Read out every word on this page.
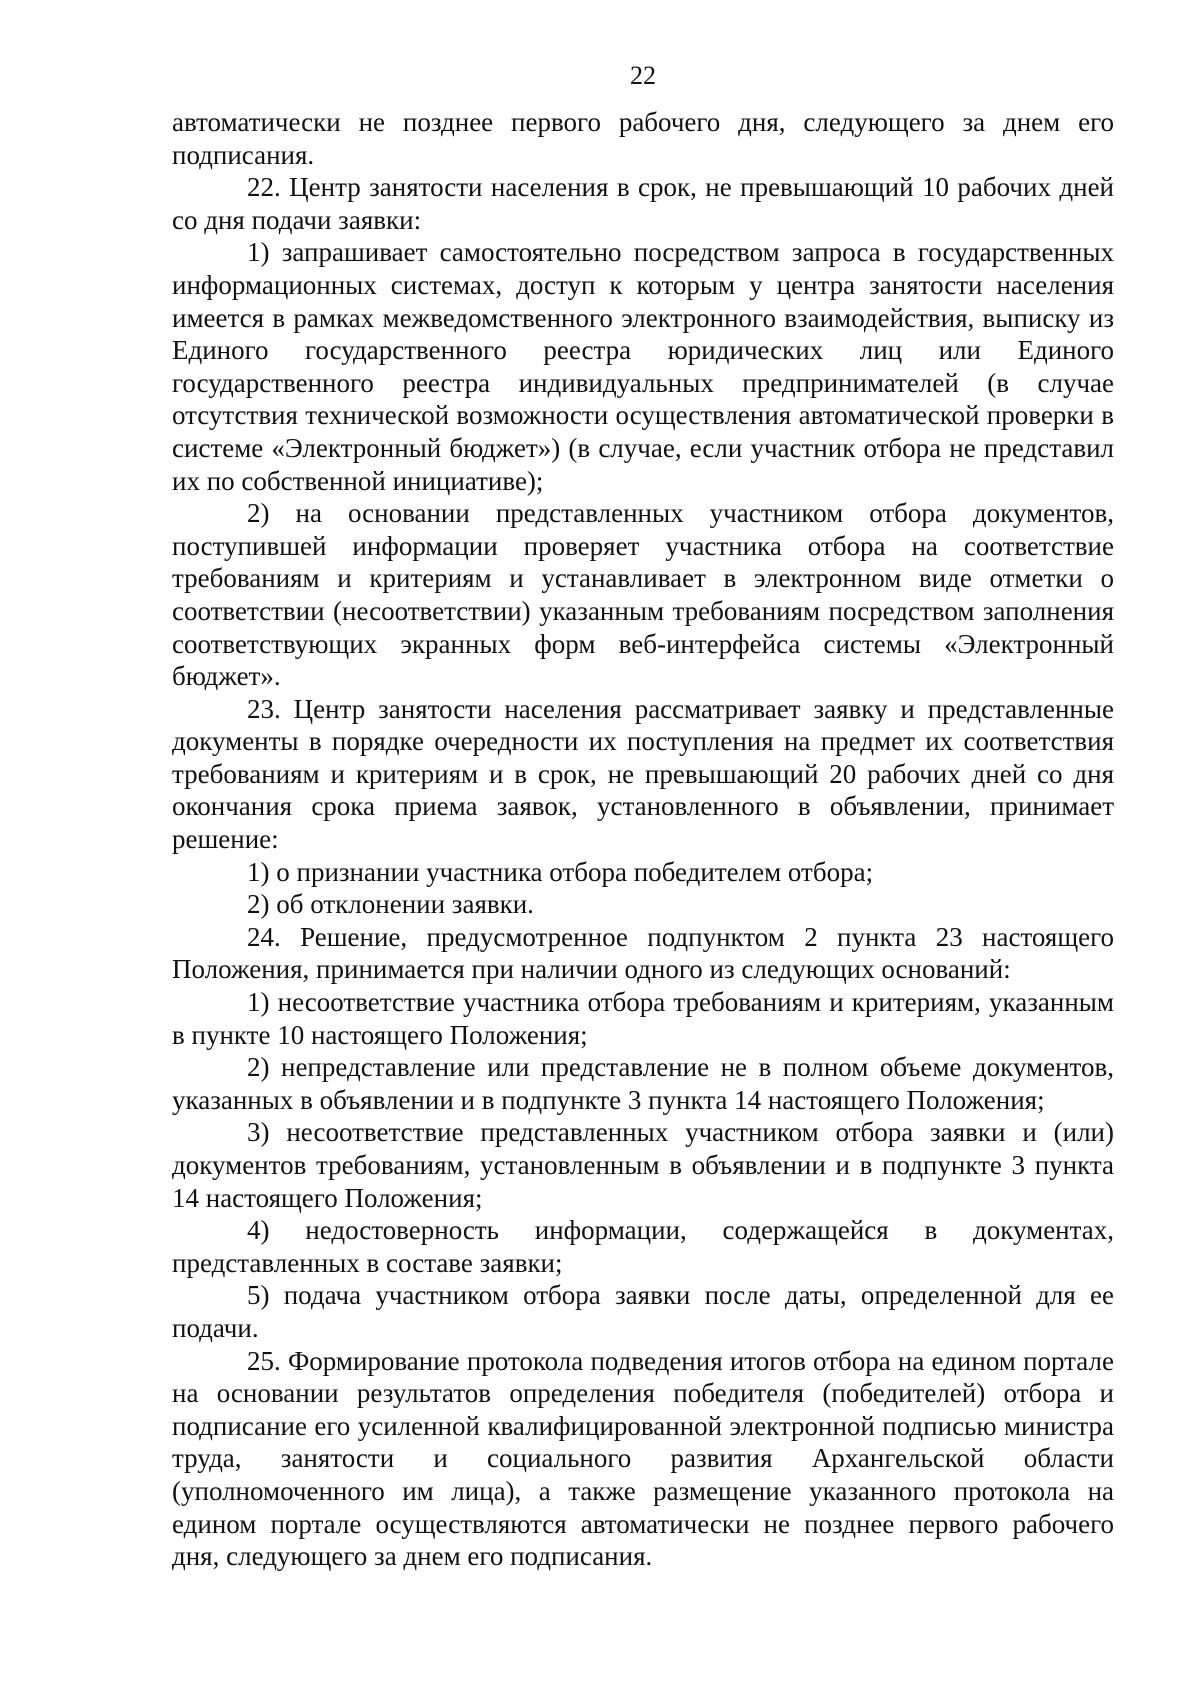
22

автоматически не позднее первого рабочего дня, следующего за днем его подписания.

22. Центр занятости населения в срок, не превышающий 10 рабочих дней со дня подачи заявки:

1) запрашивает самостоятельно посредством запроса в государственных информационных системах, доступ к которым у центра занятости населения имеется в рамках межведомственного электронного взаимодействия, выписку из Единого государственного реестра юридических лиц или Единого государственного реестра индивидуальных предпринимателей (в случае отсутствия технической возможности осуществления автоматической проверки в системе «Электронный бюджет») (в случае, если участник отбора не представил их по собственной инициативе);

2) на основании представленных участником отбора документов, поступившей информации проверяет участника отбора на соответствие требованиям и критериям и устанавливает в электронном виде отметки о соответствии (несоответствии) указанным требованиям посредством заполнения соответствующих экранных форм веб-интерфейса системы «Электронный бюджет».

23. Центр занятости населения рассматривает заявку и представленные документы в порядке очередности их поступления на предмет их соответствия требованиям и критериям и в срок, не превышающий 20 рабочих дней со дня окончания срока приема заявок, установленного в объявлении, принимает решение:

1) о признании участника отбора победителем отбора;

2) об отклонении заявки.

24. Решение, предусмотренное подпунктом 2 пункта 23 настоящего Положения, принимается при наличии одного из следующих оснований:

1) несоответствие участника отбора требованиям и критериям, указанным в пункте 10 настоящего Положения;

2) непредставление или представление не в полном объеме документов, указанных в объявлении и в подпункте 3 пункта 14 настоящего Положения;

3) несоответствие представленных участником отбора заявки и (или) документов требованиям, установленным в объявлении и в подпункте 3 пункта 14 настоящего Положения;

4) недостоверность информации, содержащейся в документах, представленных в составе заявки;

5) подача участником отбора заявки после даты, определенной для ее подачи.

25. Формирование протокола подведения итогов отбора на едином портале на основании результатов определения победителя (победителей) отбора и подписание его усиленной квалифицированной электронной подписью министра труда, занятости и социального развития Архангельской области (уполномоченного им лица), а также размещение указанного протокола на едином портале осуществляются автоматически не позднее первого рабочего дня, следующего за днем его подписания.
